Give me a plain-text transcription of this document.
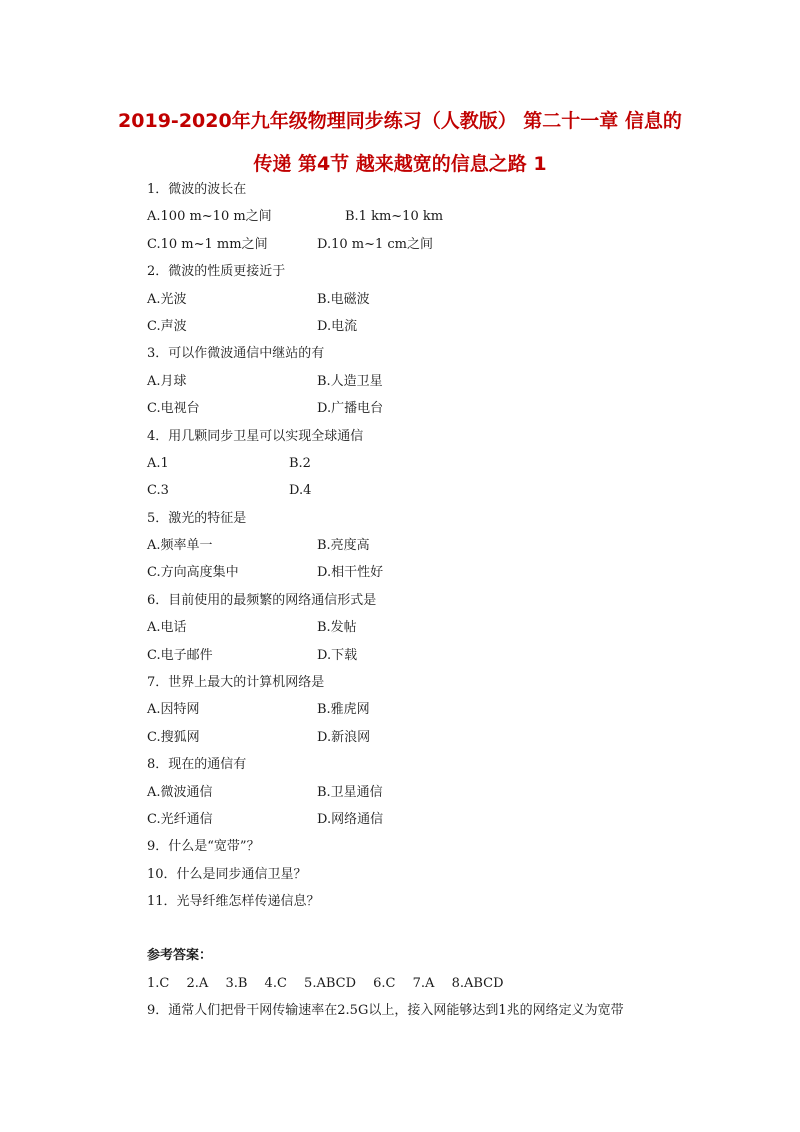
2019-2020年九年级物理同步练习（人教版） 第二十一章 信息的
传递 第4节 越来越宽的信息之路 1
1．微波的波长在
A.100 m~10 m之间	B.1 km~10 km
C.10 m~1 mm之间	D.10 m~1 cm之间
2．微波的性质更接近于
A.光波	B.电磁波
C.声波	D.电流
3．可以作微波通信中继站的有
A.月球	B.人造卫星
C.电视台	D.广播电台
4．用几颗同步卫星可以实现全球通信
A.1	B.2
C.3	D.4
5．激光的特征是
A.频率单一	B.亮度高
C.方向高度集中	D.相干性好
6．目前使用的最频繁的网络通信形式是
A.电话	B.发帖
C.电子邮件	D.下载
7．世界上最大的计算机网络是
A.因特网	B.雅虎网
C.搜狐网	D.新浪网
8．现在的通信有
A.微波通信	B.卫星通信
C.光纤通信	D.网络通信
9．什么是“宽带”？
10．什么是同步通信卫星？
11．光导纤维怎样传递信息？
参考答案：
1.C 2.A 3.B 4.C 5.ABCD 6.C 7.A 8.ABCD
9．通常人们把骨干网传输速率在2.5G以上，接入网能够达到1兆的网络定义为宽带
